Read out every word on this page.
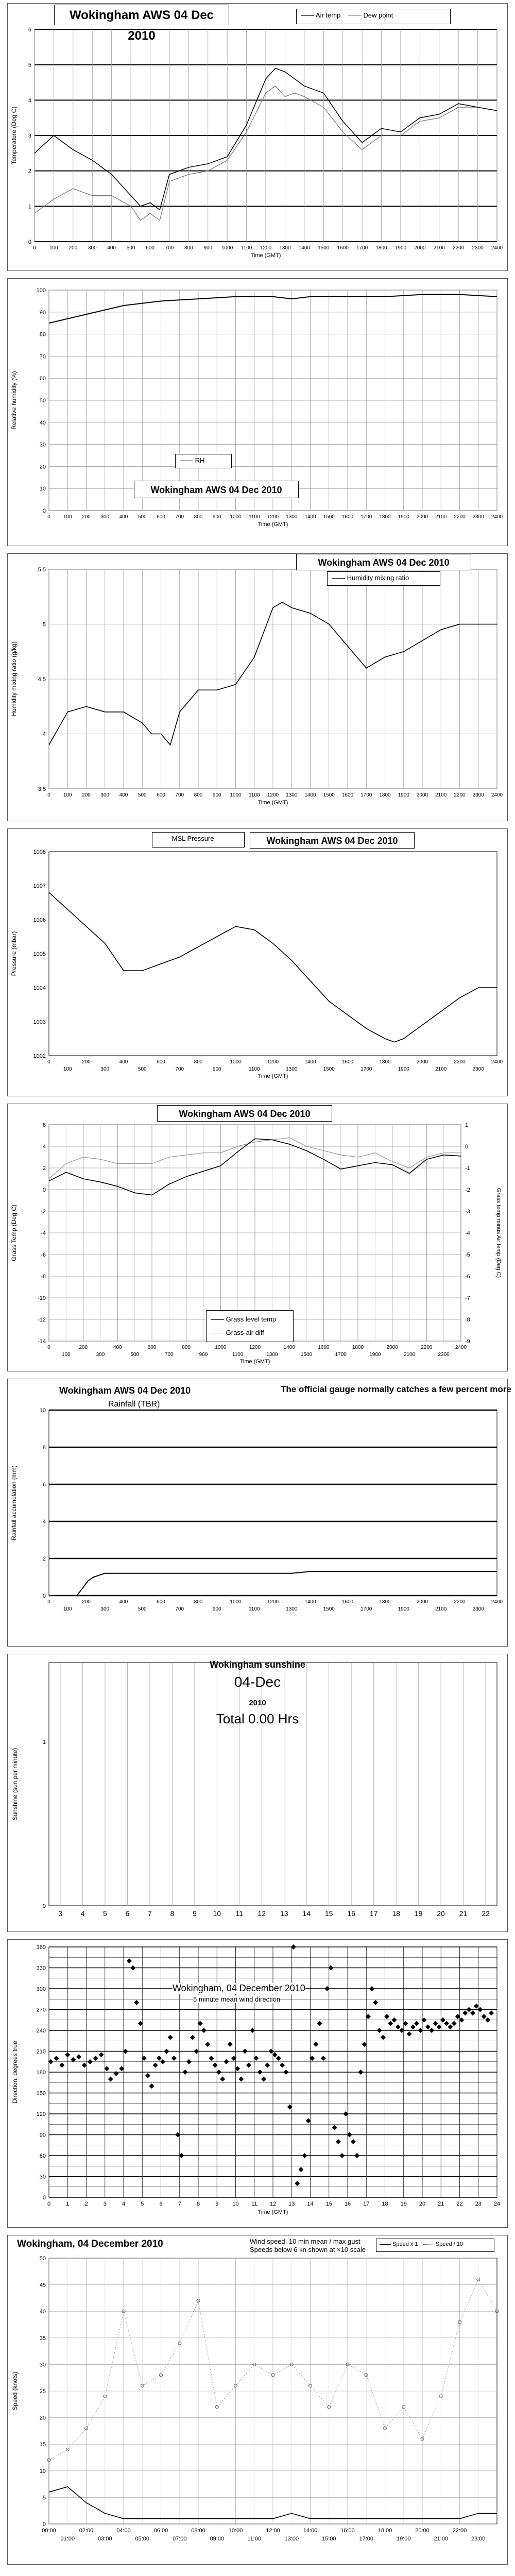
0
1
2
3
4
5
6
Temperature (Deg C)
0	100 200 300 400 500 600 700 800 900 1000 1100 1200 1300 1400 1500 1600 1700 1800 1900 2000 2100 2200 2300 2400
Time (GMT)
Wokingham AWS 04 Dec 2010
Air temp	Dew point
0
10
20
30
40
50
60
70
80
90
100
Relative humidity (%)
0	100 200 300 400 500 600 700 800 900 1000 1100 1200 1300 1400 1500 1600 1700 1800 1900 2000 2100 2200 2300 2400
Time (GMT)
RH
Wokingham AWS 04 Dec 2010
3.5
4
4.5
5
5.5
Humidity mixing ratio (g/kg)
0	100 200 300 400 500 600 700 800 900 1000 1100 1200 1300 1400 1500 1600 1700 1800 1900 2000 2100 2200 2300 2400
Time (GMT)
Wokingham AWS 04 Dec 2010
Humidity mixing ratio
1002
1003
1004
1005
1006
1007
1008
Pressure (mbar)
0	200	400	600	800	1000	1200	1400	1600	1800	2000	2200	2400
100	300	500	700	900	1100	1300	1500	1700	1900	2100	2300
Time (GMT)
MSL Pressure	Wokingham AWS 04 Dec 2010
-14
-12
-10
-8
-6
-4
-2
0
2
4
6
Grass Temp (Deg C)
-9
-8
-7
-6
-5
-4
-3
-2
-1
0
1
Grass temp minus Air temp (Deg C)
0	200	400	600	800	1000	1200	1400	1600	1800	2000	2200	2400
100	300	500	700	900	1100	1300	1500	1700	1900	2100	2300
Time (GMT)
Wokingham AWS 04 Dec 2010
Grass level temp
Grass-air diff
0
2
4
6
8
10
Rainfall accumulation (mm)
0	200	400	600	800	1000	1200	1400	1600	1800	2000	2200	2400
100	300	500	700	900	1100	1300	1500	1700	1900	2100	2300
Wokingham AWS 04 Dec 2010
Rainfall (TBR)
The official gauge normally catches a few percent more
3	4	5	6	7	8	9 10 11 12 13 14 15 16 17 18 19 20 21 22
0
1
Sunshine (sun per minute)
Wokingham sunshine
04-Dec
2010
Total 0.00 Hrs
0
30
60
90
120
150
180
210
240
270
300
330
360
Direction, degrees true
0	1	2	3	4	5	6	7	8	9 10 11 12 13 14 15 16 17 18 19 20 21 22 23 24
Time (GMT)
Wokingham, 04 December 2010
5 minute mean wind direction
0
5
10
15
20
25
30
35
40
45
50
Speed (knots)
00:00	02:00	04:00	06:00	08:00	10:00	12:00	14:00	16:00	18:00	20:00	22:00
01:00	03:00	05:00	07:00	09:00	11:00	13:00	15:00	17:00	19:00	21:00	23:00
Wokingham, 04 December 2010	Wind speed, 10 min mean / max gust
Speeds below 6 kn shown at ×10 scale
Speed x 1	Speed / 10
